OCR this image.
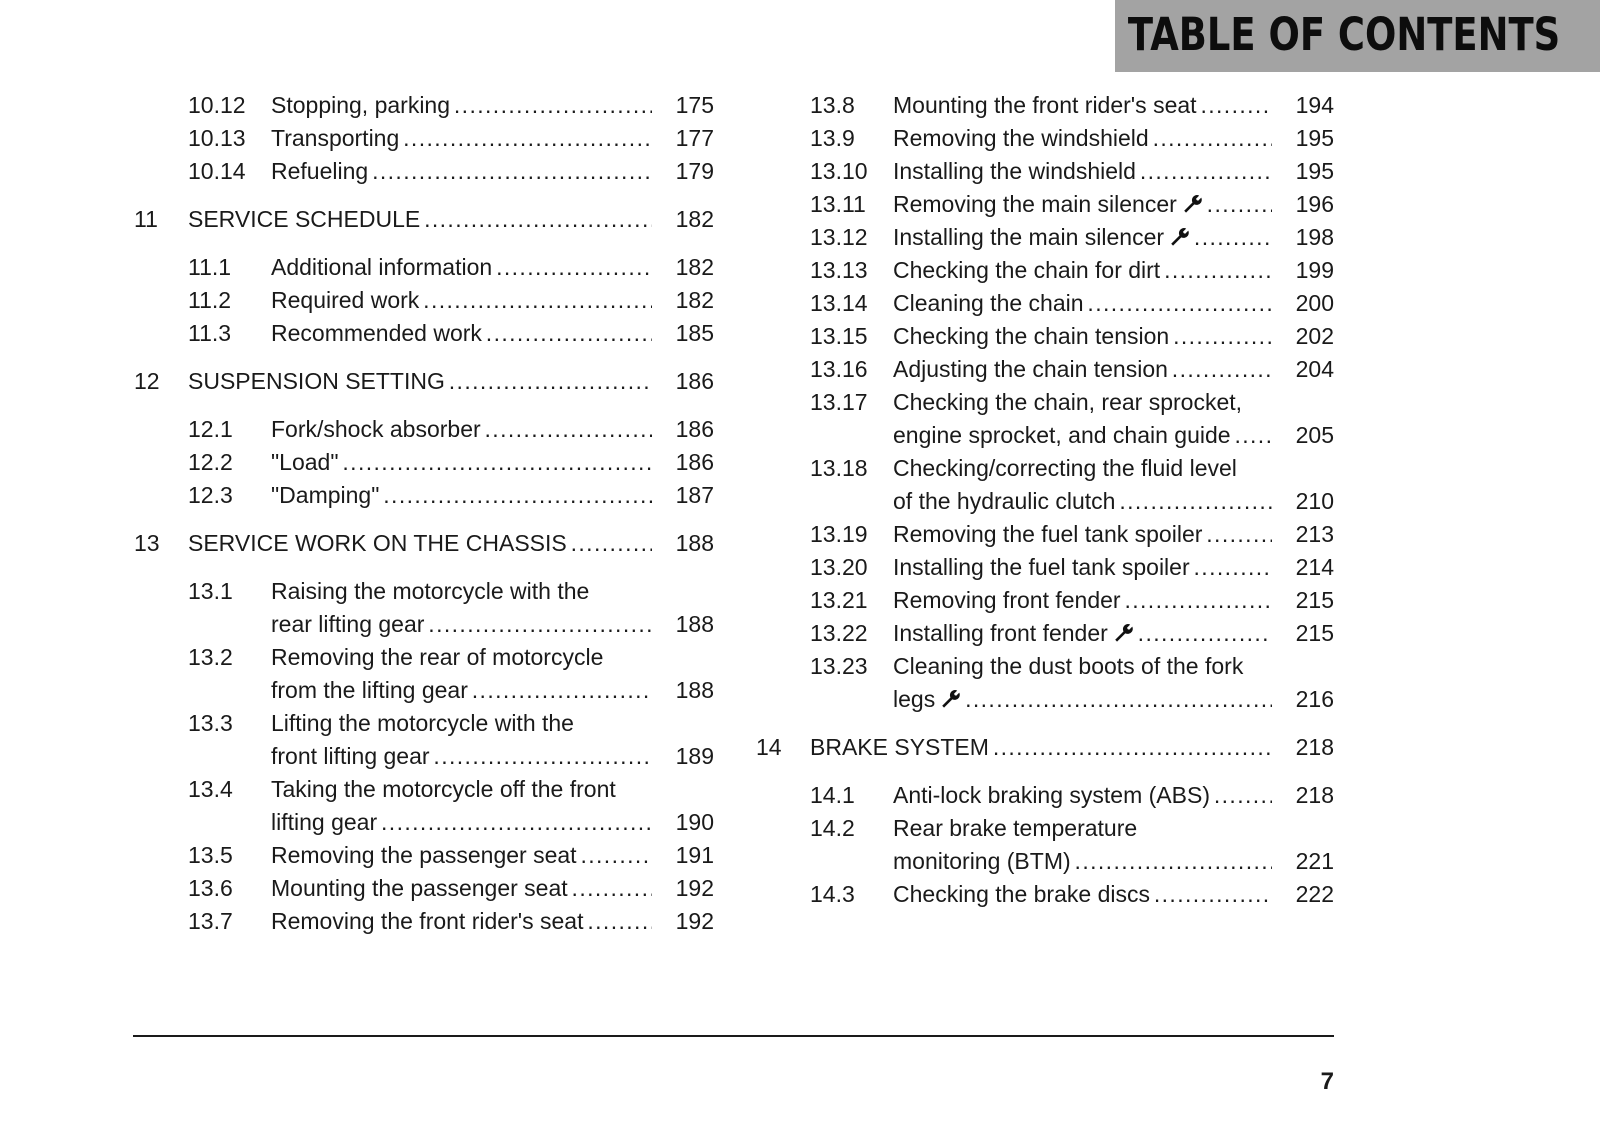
TABLE OF CONTENTS
10.12 Stopping, parking . . .	175
10.13 Transporting . . .	177
10.14 Refueling . . .	179
11 SERVICE SCHEDULE . . .	182
11.1 Additional information . . .	182
11.2 Required work . . .	182
11.3 Recommended work . . .	185
12 SUSPENSION SETTING . . .	186
12.1 Fork/shock absorber . . .	186
12.2 "Load" . . .	186
12.3 "Damping" . . .	187
13 SERVICE WORK ON THE CHASSIS . . .	188
13.1 Raising the motorcycle with the
rear lifting gear . . .	188
13.2 Removing the rear of motorcycle
from the lifting gear . . .	188
13.3 Lifting the motorcycle with the
front lifting gear . . .	189
13.4 Taking the motorcycle off the front
lifting gear . . .	190
13.5 Removing the passenger seat . . .	191
13.6 Mounting the passenger seat . . .	192
13.7 Removing the front rider's seat . . .	192
13.8 Mounting the front rider's seat . . .	194
13.9 Removing the windshield . . .	195
13.10 Installing the windshield . . .	195
13.11 Removing the main silencer . . .	196
13.12 Installing the main silencer . . .	198
13.13 Checking the chain for dirt . . .	199
13.14 Cleaning the chain . . .	200
13.15 Checking the chain tension . . .	202
13.16 Adjusting the chain tension . . .	204
13.17 Checking the chain, rear sprocket,
engine sprocket, and chain guide . . .	205
13.18 Checking/correcting the fluid level
of the hydraulic clutch . . .	210
13.19 Removing the fuel tank spoiler . . .	213
13.20 Installing the fuel tank spoiler . . .	214
13.21 Removing front fender . . .	215
13.22 Installing front fender . . .	215
13.23 Cleaning the dust boots of the fork
legs . . .	216
14 BRAKE SYSTEM . . .	218
14.1 Anti-lock braking system (ABS) . . .	218
14.2 Rear brake temperature
monitoring (BTM) . . .	221
14.3 Checking the brake discs . . .	222
7
